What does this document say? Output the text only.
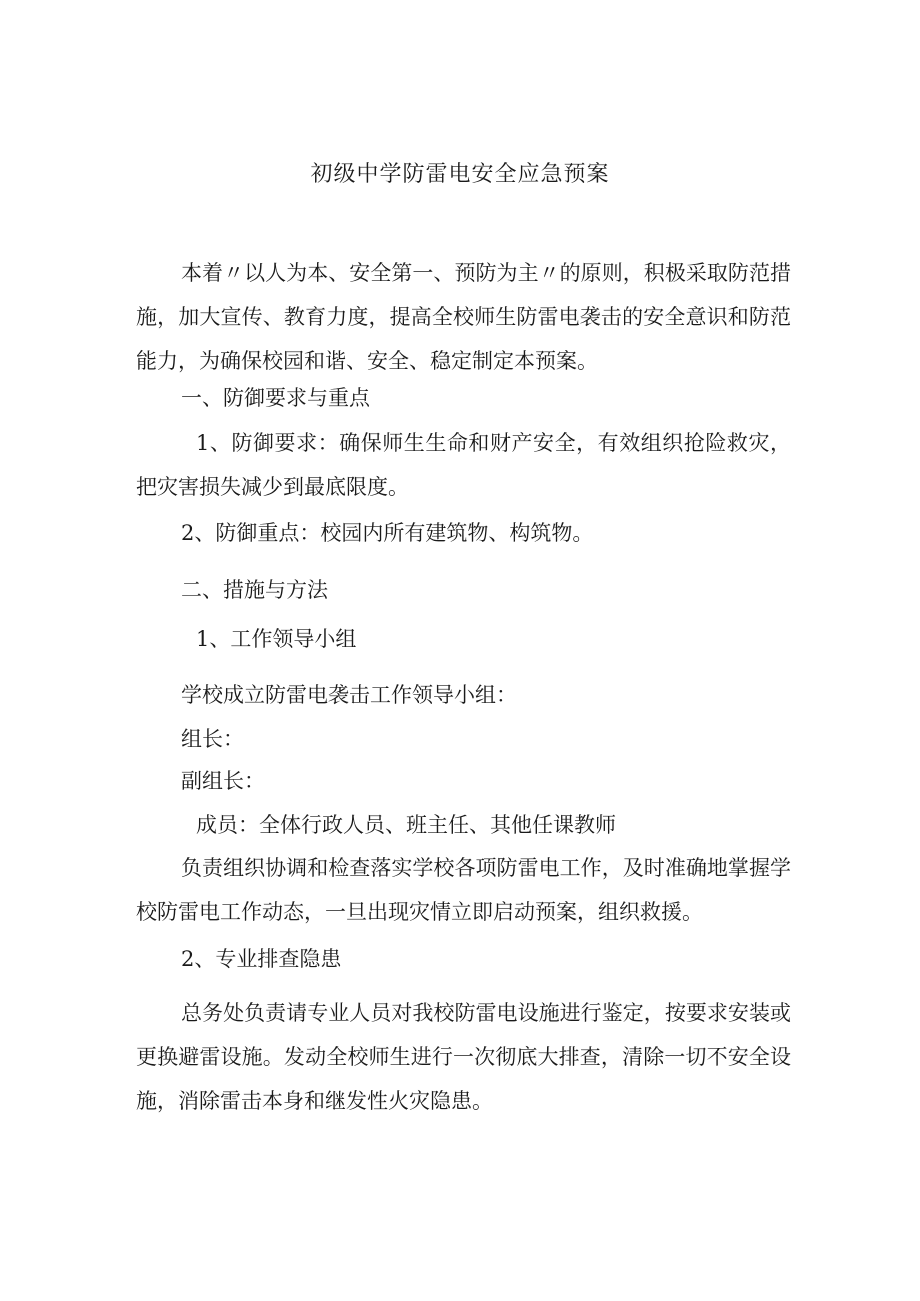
初级中学防雷电安全应急预案

本着〃以人为本、安全第一、预防为主〃的原则，积极采取防范措施，加大宣传、教育力度，提高全校师生防雷电袭击的安全意识和防范能力，为确保校园和谐、安全、稳定制定本预案。

一、防御要求与重点

1、防御要求：确保师生生命和财产安全，有效组织抢险救灾，把灾害损失减少到最底限度。

2、防御重点：校园内所有建筑物、构筑物。
二、措施与方法
1、工作领导小组
学校成立防雷电袭击工作领导小组：
组长：
副组长：
成员：全体行政人员、班主任、其他任课教师

负责组织协调和检查落实学校各项防雷电工作，及时准确地掌握学校防雷电工作动态，一旦出现灾情立即启动预案，组织救援。

2、专业排查隐患

总务处负责请专业人员对我校防雷电设施进行鉴定，按要求安装或更换避雷设施。发动全校师生进行一次彻底大排查，清除一切不安全设施，消除雷击本身和继发性火灾隐患。
